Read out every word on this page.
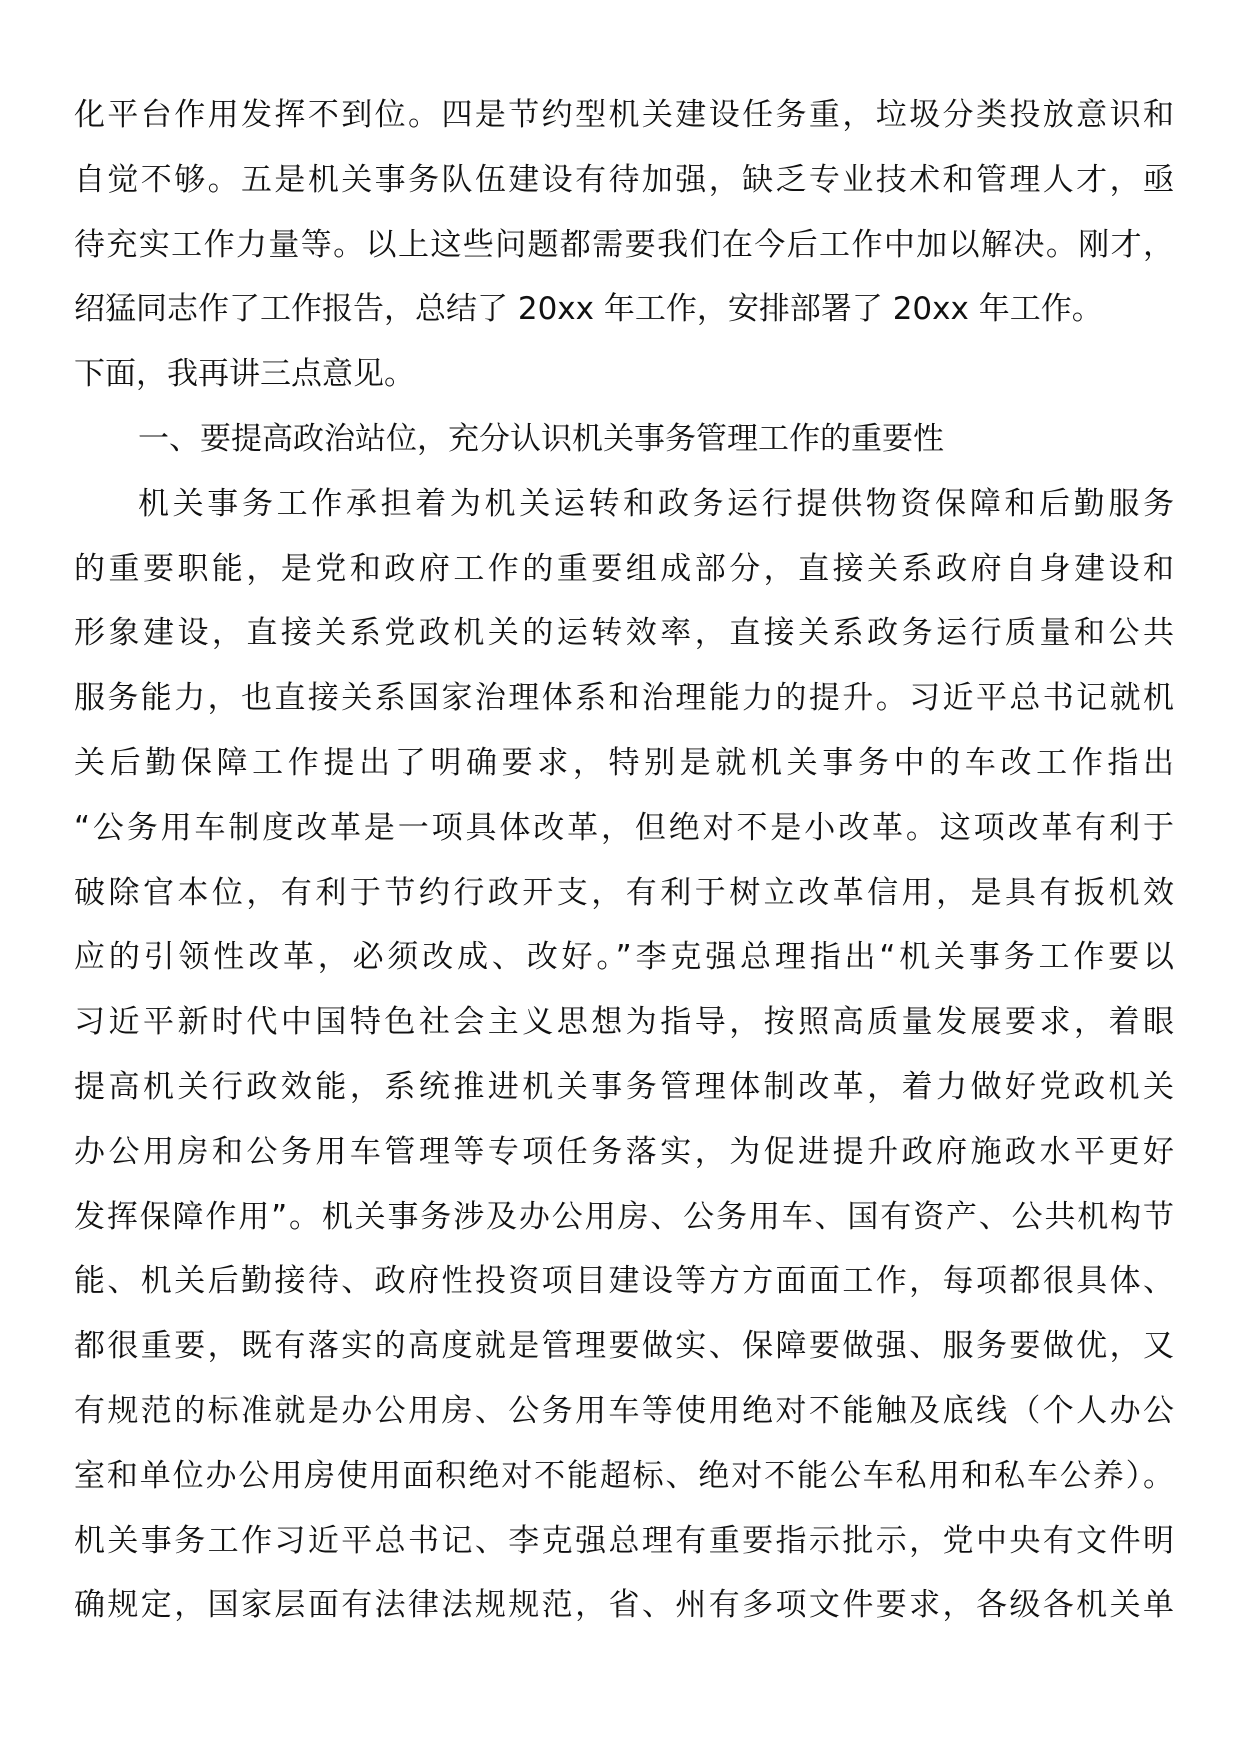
化平台作用发挥不到位。四是节约型机关建设任务重，垃圾分类投放意识和
自觉不够。五是机关事务队伍建设有待加强，缺乏专业技术和管理人才，亟
待充实工作力量等。以上这些问题都需要我们在今后工作中加以解决。刚才，
绍猛同志作了工作报告，总结了 20xx 年工作，安排部署了 20xx 年工作。
下面，我再讲三点意见。
一、要提高政治站位，充分认识机关事务管理工作的重要性
机关事务工作承担着为机关运转和政务运行提供物资保障和后勤服务
的重要职能，是党和政府工作的重要组成部分，直接关系政府自身建设和
形象建设，直接关系党政机关的运转效率，直接关系政务运行质量和公共
服务能力，也直接关系国家治理体系和治理能力的提升。习近平总书记就机
关后勤保障工作提出了明确要求，特别是就机关事务中的车改工作指出
“公务用车制度改革是一项具体改革，但绝对不是小改革。这项改革有利于
破除官本位，有利于节约行政开支，有利于树立改革信用，是具有扳机效
应的引领性改革，必须改成、改好。”李克强总理指出“机关事务工作要以
习近平新时代中国特色社会主义思想为指导，按照高质量发展要求，着眼
提高机关行政效能，系统推进机关事务管理体制改革，着力做好党政机关
办公用房和公务用车管理等专项任务落实，为促进提升政府施政水平更好
发挥保障作用”。机关事务涉及办公用房、公务用车、国有资产、公共机构节
能、机关后勤接待、政府性投资项目建设等方方面面工作，每项都很具体、
都很重要，既有落实的高度就是管理要做实、保障要做强、服务要做优，又
有规范的标准就是办公用房、公务用车等使用绝对不能触及底线（个人办公
室和单位办公用房使用面积绝对不能超标、绝对不能公车私用和私车公养）。
机关事务工作习近平总书记、李克强总理有重要指示批示，党中央有文件明
确规定，国家层面有法律法规规范，省、州有多项文件要求，各级各机关单
